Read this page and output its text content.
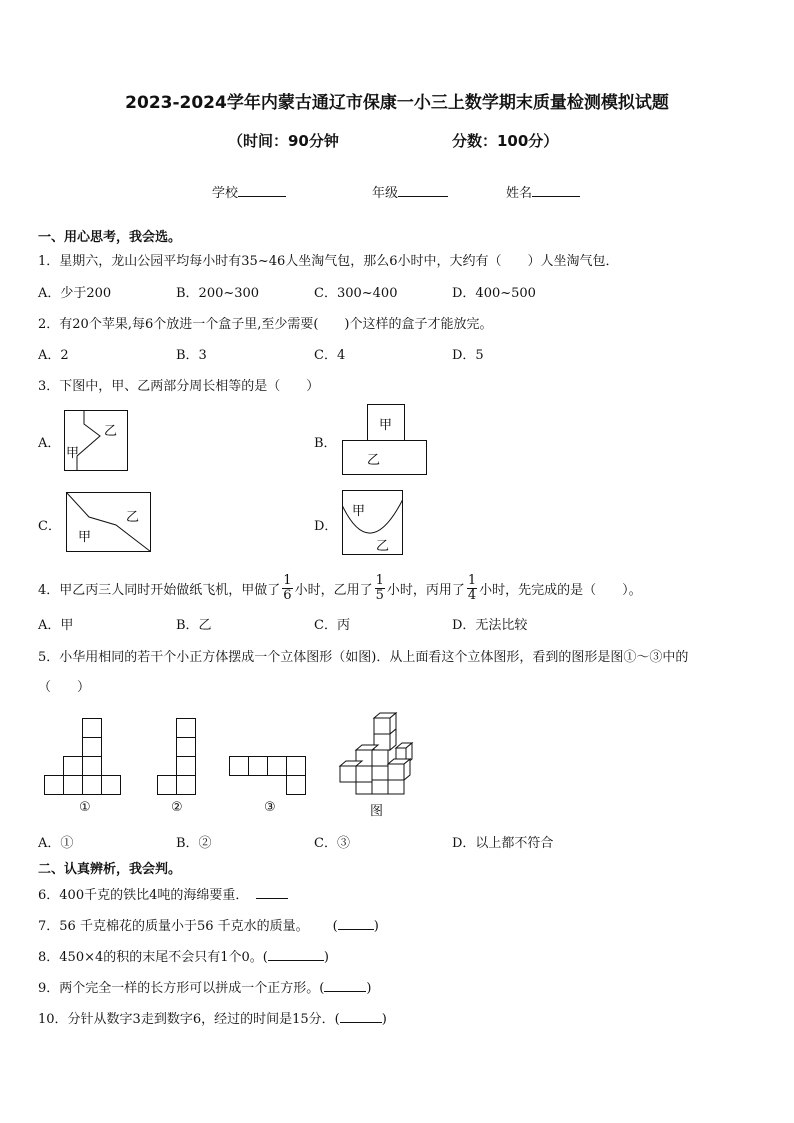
2023-2024学年内蒙古通辽市保康一小三上数学期末质量检测模拟试题
（时间：90分钟	分数：100分）
学校	年级	姓名
一、用心思考，我会选。
1．星期六，龙山公园平均每小时有35~46人坐淘气包，那么6小时中，大约有（　　）人坐淘气包．
A．少于200	B．200~300	C．300~400	D．400~500
2．有20个苹果,每6个放进一个盒子里,至少需要(　　)个这样的盒子才能放完。
A．2	B．3	C．4	D．5
3．下图中，甲、乙两部分周长相等的是（　　）
A．	B．
C．	D．
乙
甲
甲
乙
乙
甲
甲
乙
4．甲乙丙三人同时开始做纸飞机，甲做了 $\frac{1}{6}$ 小时，乙用了 $\frac{1}{5}$ 小时，丙用了 $\frac{1}{4}$ 小时，先完成的是（　　）。
A．甲	B．乙	C．丙	D．无法比较
5．小华用相同的若干个小正方体摆成一个立体图形（如图)．从上面看这个立体图形，看到的图形是图①～③中的
（　　）
①	②	③	图
A．①	B．②	C．③	D．以上都不符合
二、认真辨析，我会判。
6．400千克的铁比4吨的海绵要重．
7．56 千克棉花的质量小于56 千克水的质量。 (	)
8．450×4的积的末尾不会只有1个0。(	)
9．两个完全一样的长方形可以拼成一个正方形。(	)
10．分针从数字3走到数字6，经过的时间是15分．(	)
